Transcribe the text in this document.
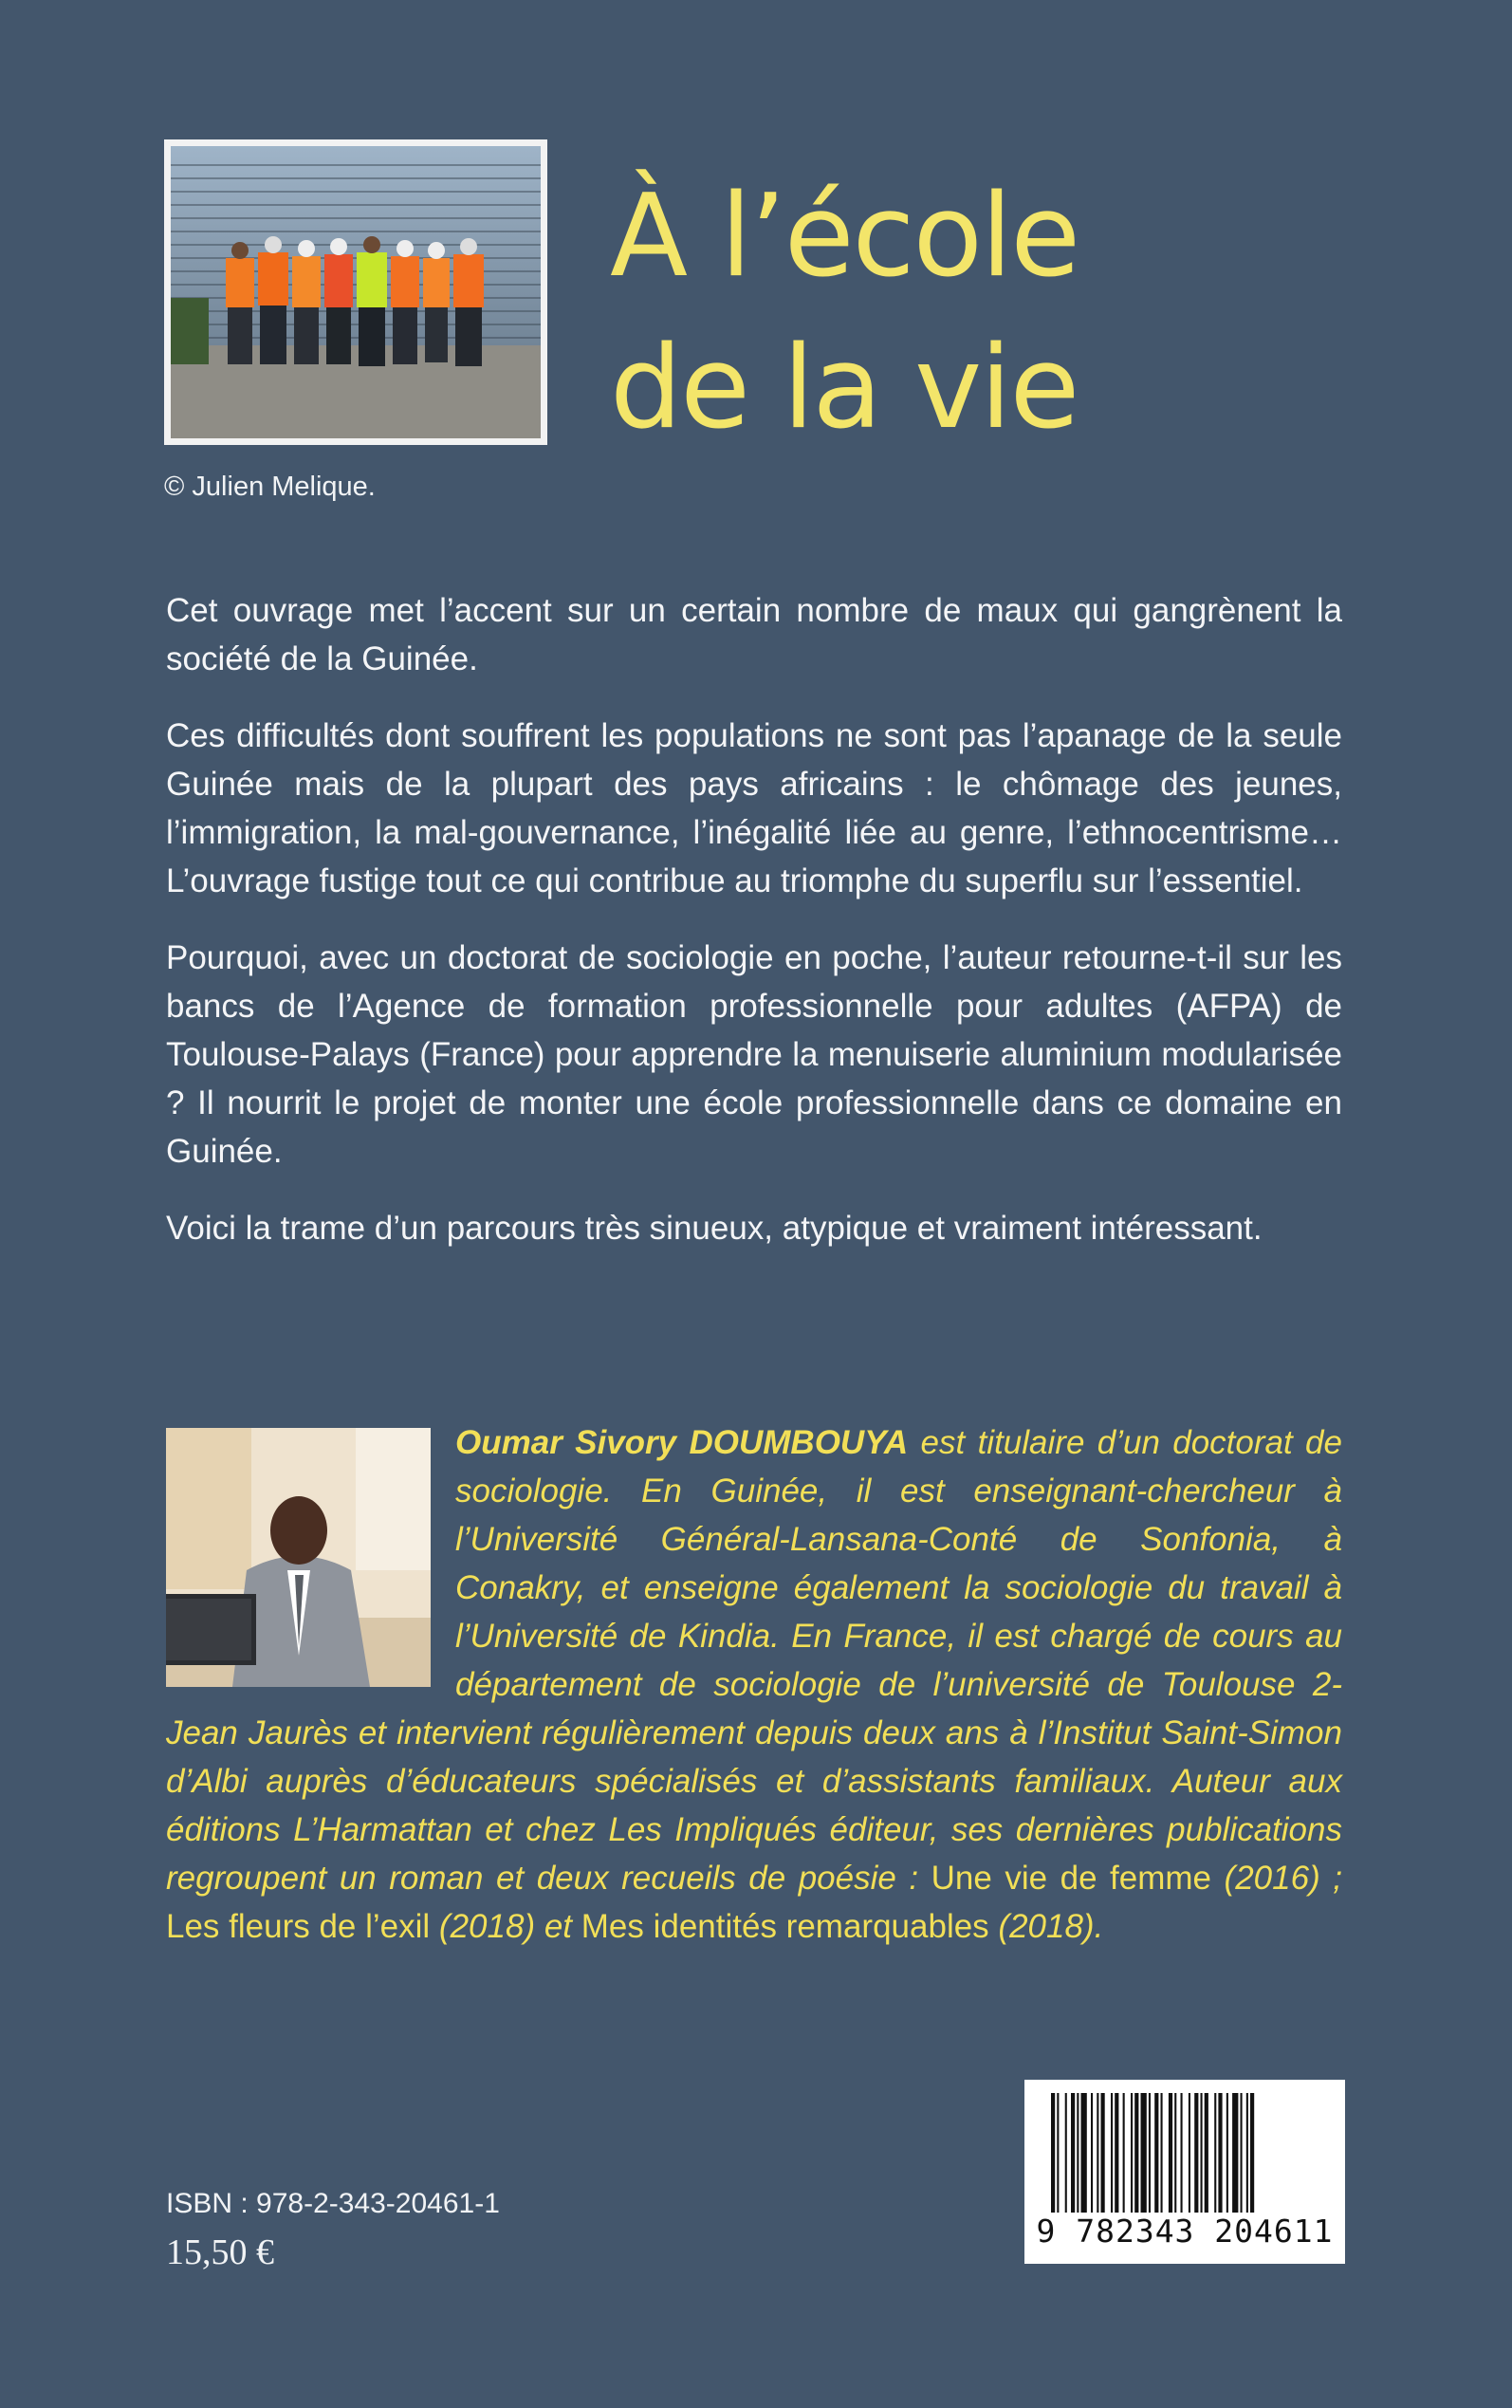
© Julien Melique.
À l’école
de la vie

Cet ouvrage met l’accent sur un certain nombre de maux qui gangrènent la société de la Guinée.

Ces difficultés dont souffrent les populations ne sont pas l’apanage de la seule Guinée mais de la plupart des pays africains : le chômage des jeunes, l’immigration, la mal-gouvernance, l’inégalité liée au genre, l’ethnocentrisme… L’ouvrage fustige tout ce qui contribue au triomphe du superflu sur l’essentiel.

Pourquoi, avec un doctorat de sociologie en poche, l’auteur retourne-t-il sur les bancs de l’Agence de formation professionnelle pour adultes (AFPA) de Toulouse-Palays (France) pour apprendre la menuiserie aluminium modularisée ? Il nourrit le projet de monter une école professionnelle dans ce domaine en Guinée.

Voici la trame d’un parcours très sinueux, atypique et vraiment intéressant.

Oumar Sivory DOUMBOUYA est titulaire d’un doctorat de sociologie. En Guinée, il est enseignant-chercheur à l’Université Général-Lansana-Conté de Sonfonia, à Conakry, et enseigne également la sociologie du travail à l’Université de Kindia. En France, il est chargé de cours au département de sociologie de l’université de Toulouse 2-Jean Jaurès et intervient régulièrement depuis deux ans à l’Institut Saint-Simon d’Albi auprès d’éducateurs spécialisés et d’assistants familiaux. Auteur aux éditions L’Harmattan et chez Les Impliqués éditeur, ses dernières publications regroupent un roman et deux recueils de poésie : Une vie de femme (2016) ; Les fleurs de l’exil (2018) et Mes identités remarquables (2018).
9 782343 204611
ISBN : 978-2-343-20461-1
15,50 €
